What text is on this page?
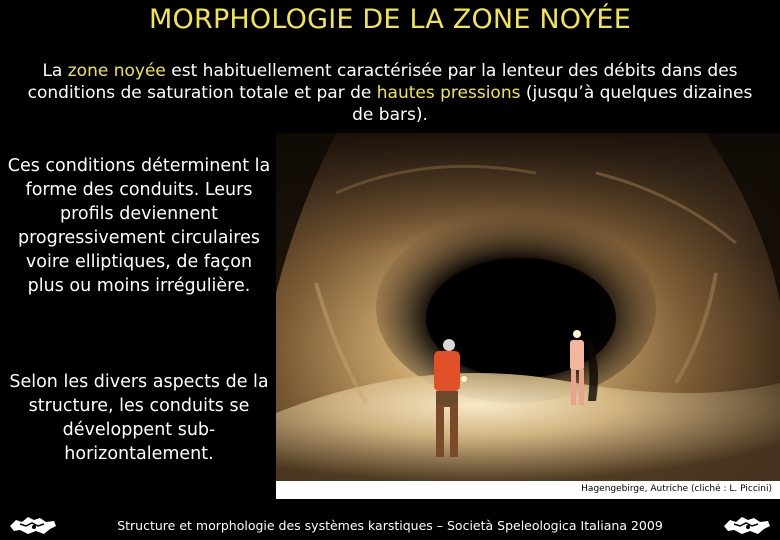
MORPHOLOGIE DE LA ZONE NOYÉE
La zone noyée est habituellement caractérisée par la lenteur des débits dans des conditions de saturation totale et par de hautes pressions (jusqu’à quelques dizaines de bars).
Ces conditions déterminent la forme des conduits. Leurs profils deviennent progressivement circulaires voire elliptiques, de façon plus ou moins irrégulière.
Selon les divers aspects de la structure, les conduits se développent sub-horizontalement.
Hagengebirge, Autriche (cliché : L. Piccini)
Structure et morphologie des systèmes karstiques – Società Speleologica Italiana 2009
